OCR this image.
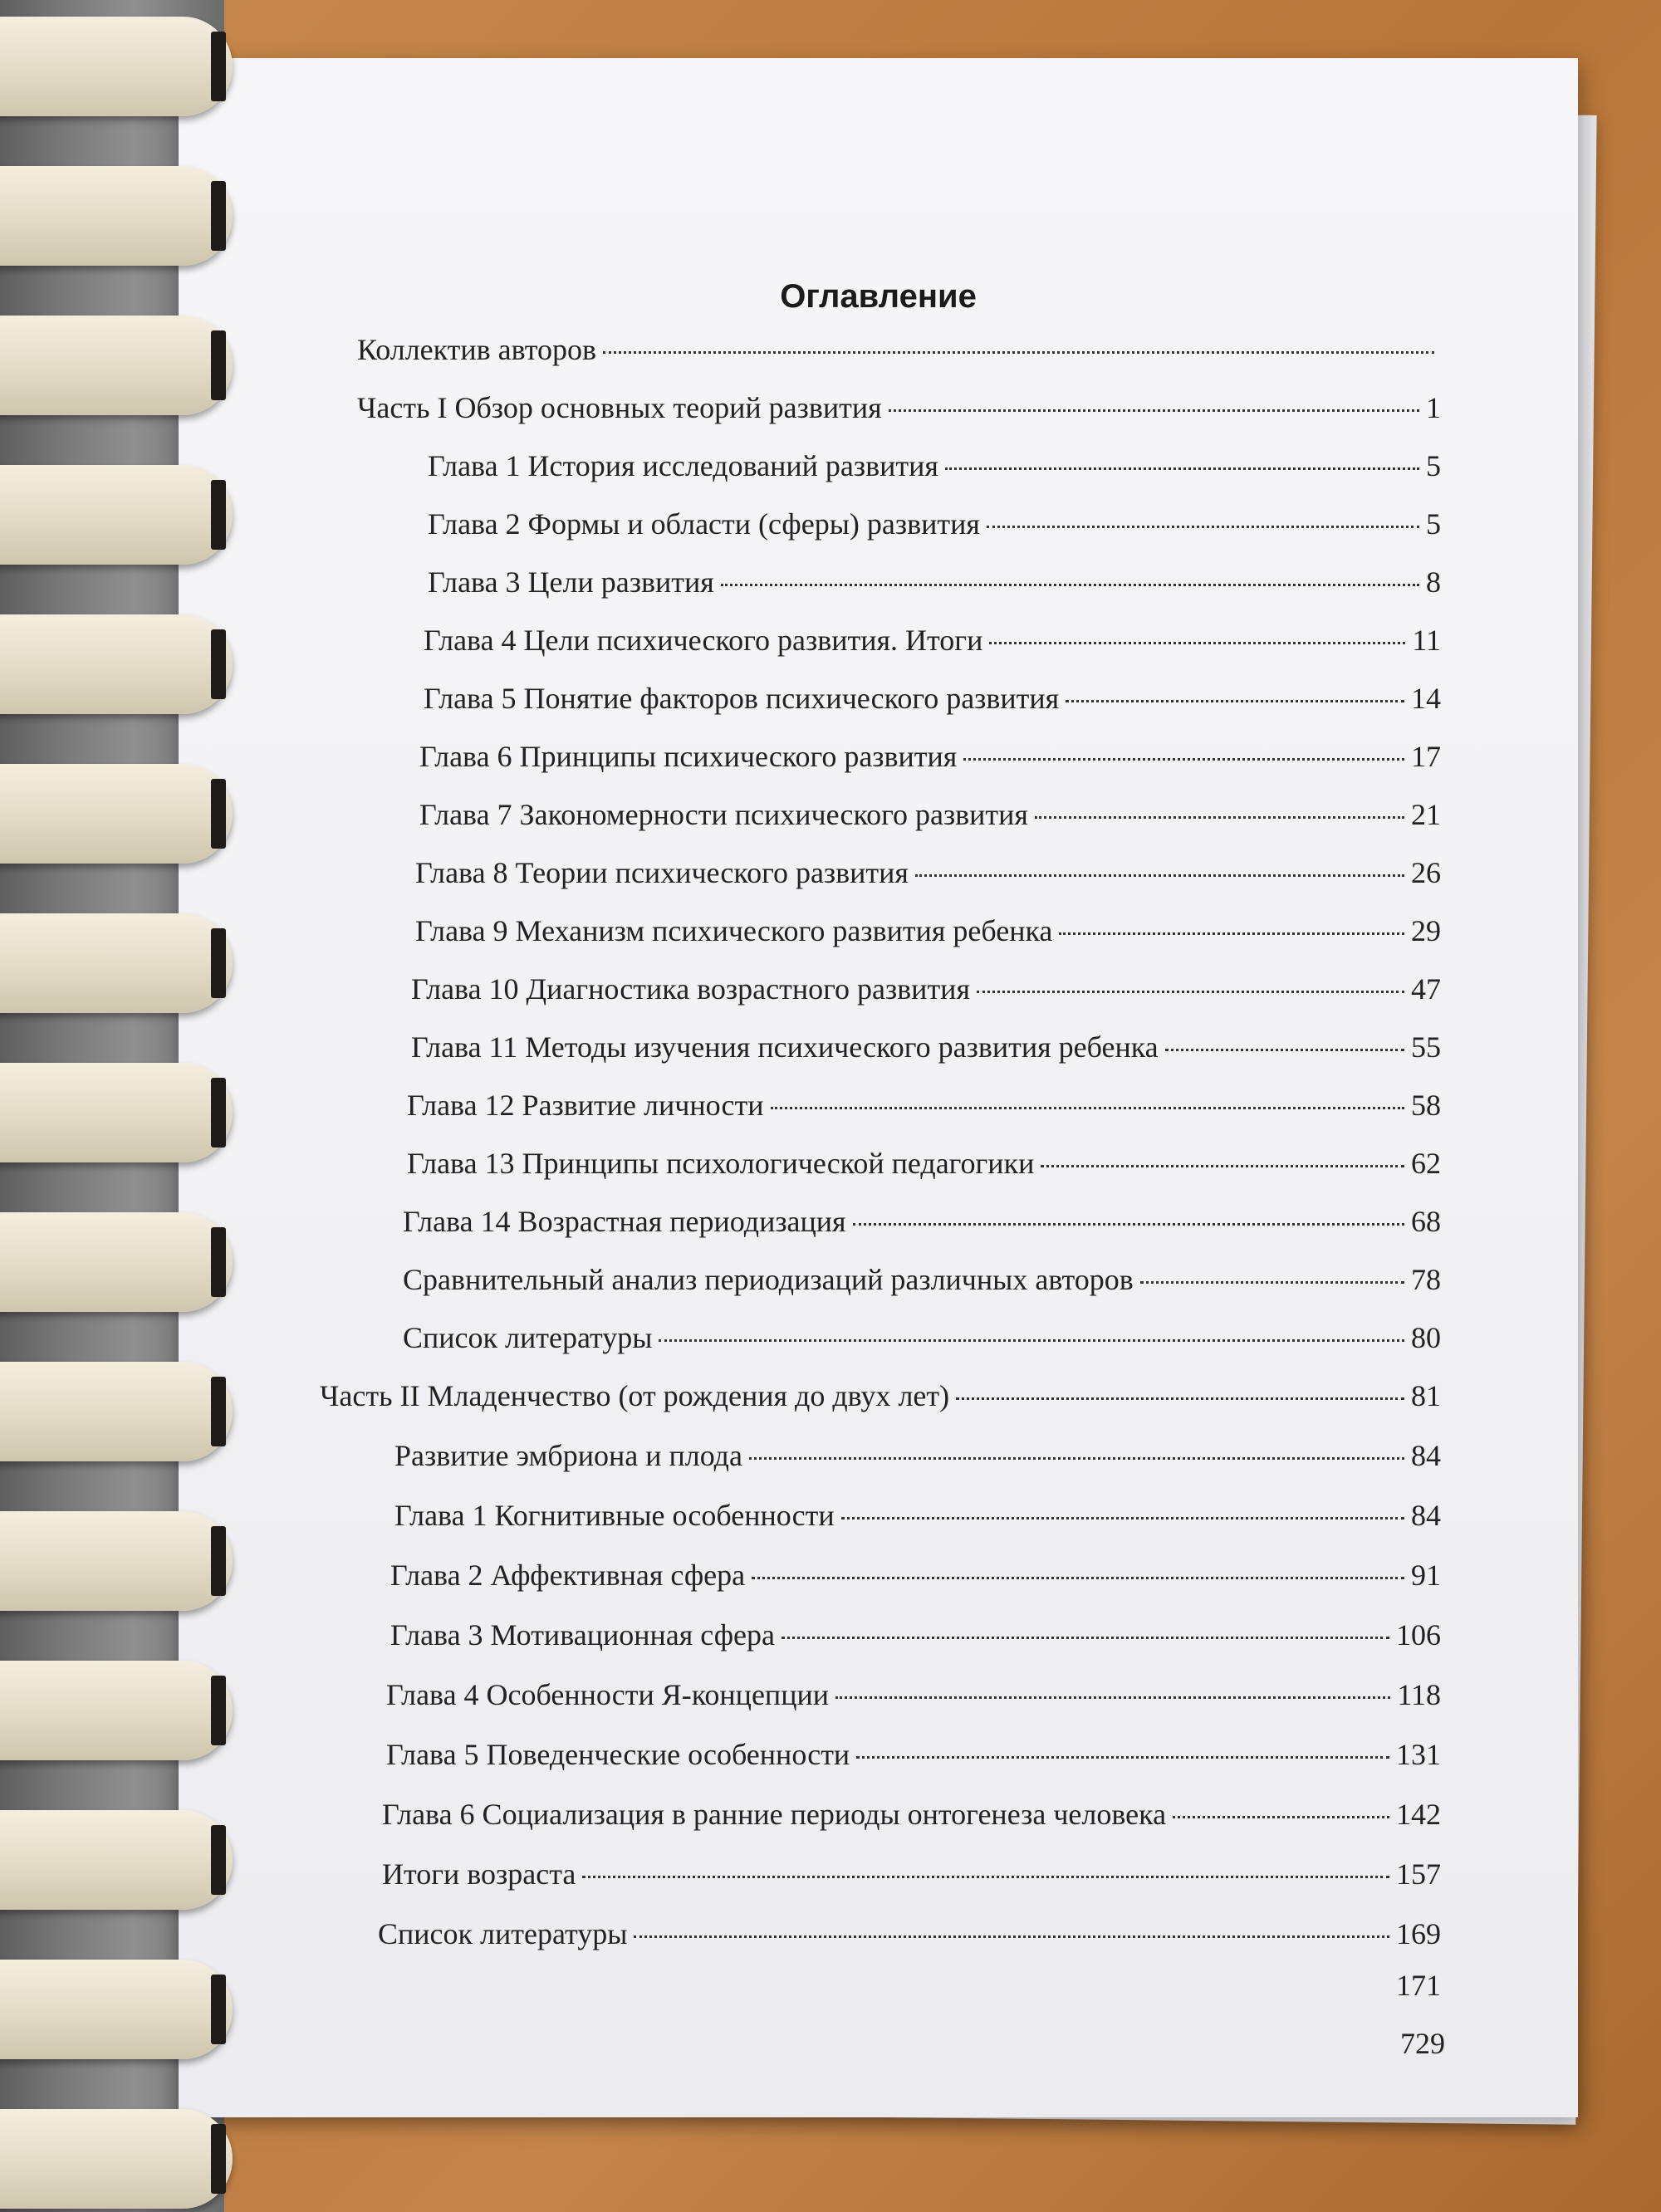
Оглавление
Коллектив авторов
Часть I Обзор основных теорий развития	1
Глава 1 История исследований развития	5
Глава 2 Формы и области (сферы) развития	5
Глава 3 Цели развития	8
Глава 4 Цели психического развития. Итоги	11
Глава 5 Понятие факторов психического развития	14
Глава 6 Принципы психического развития	17
Глава 7 Закономерности психического развития	21
Глава 8 Теории психического развития	26
Глава 9 Механизм психического развития ребенка	29
Глава 10 Диагностика возрастного развития	47
Глава 11 Методы изучения психического развития ребенка	55
Глава 12 Развитие личности	58
Глава 13 Принципы психологической педагогики	62
Глава 14 Возрастная периодизация	68
Сравнительный анализ периодизаций различных авторов	78
Список литературы	80
Часть II Младенчество (от рождения до двух лет)	81
Развитие эмбриона и плода	84
Глава 1 Когнитивные особенности	84
Глава 2 Аффективная сфера	91
Глава 3 Мотивационная сфера	106
Глава 4 Особенности Я-концепции	118
Глава 5 Поведенческие особенности	131
Глава 6 Социализация в ранние периоды онтогенеза человека	142
Итоги возраста	157
Список литературы	169
171
729
